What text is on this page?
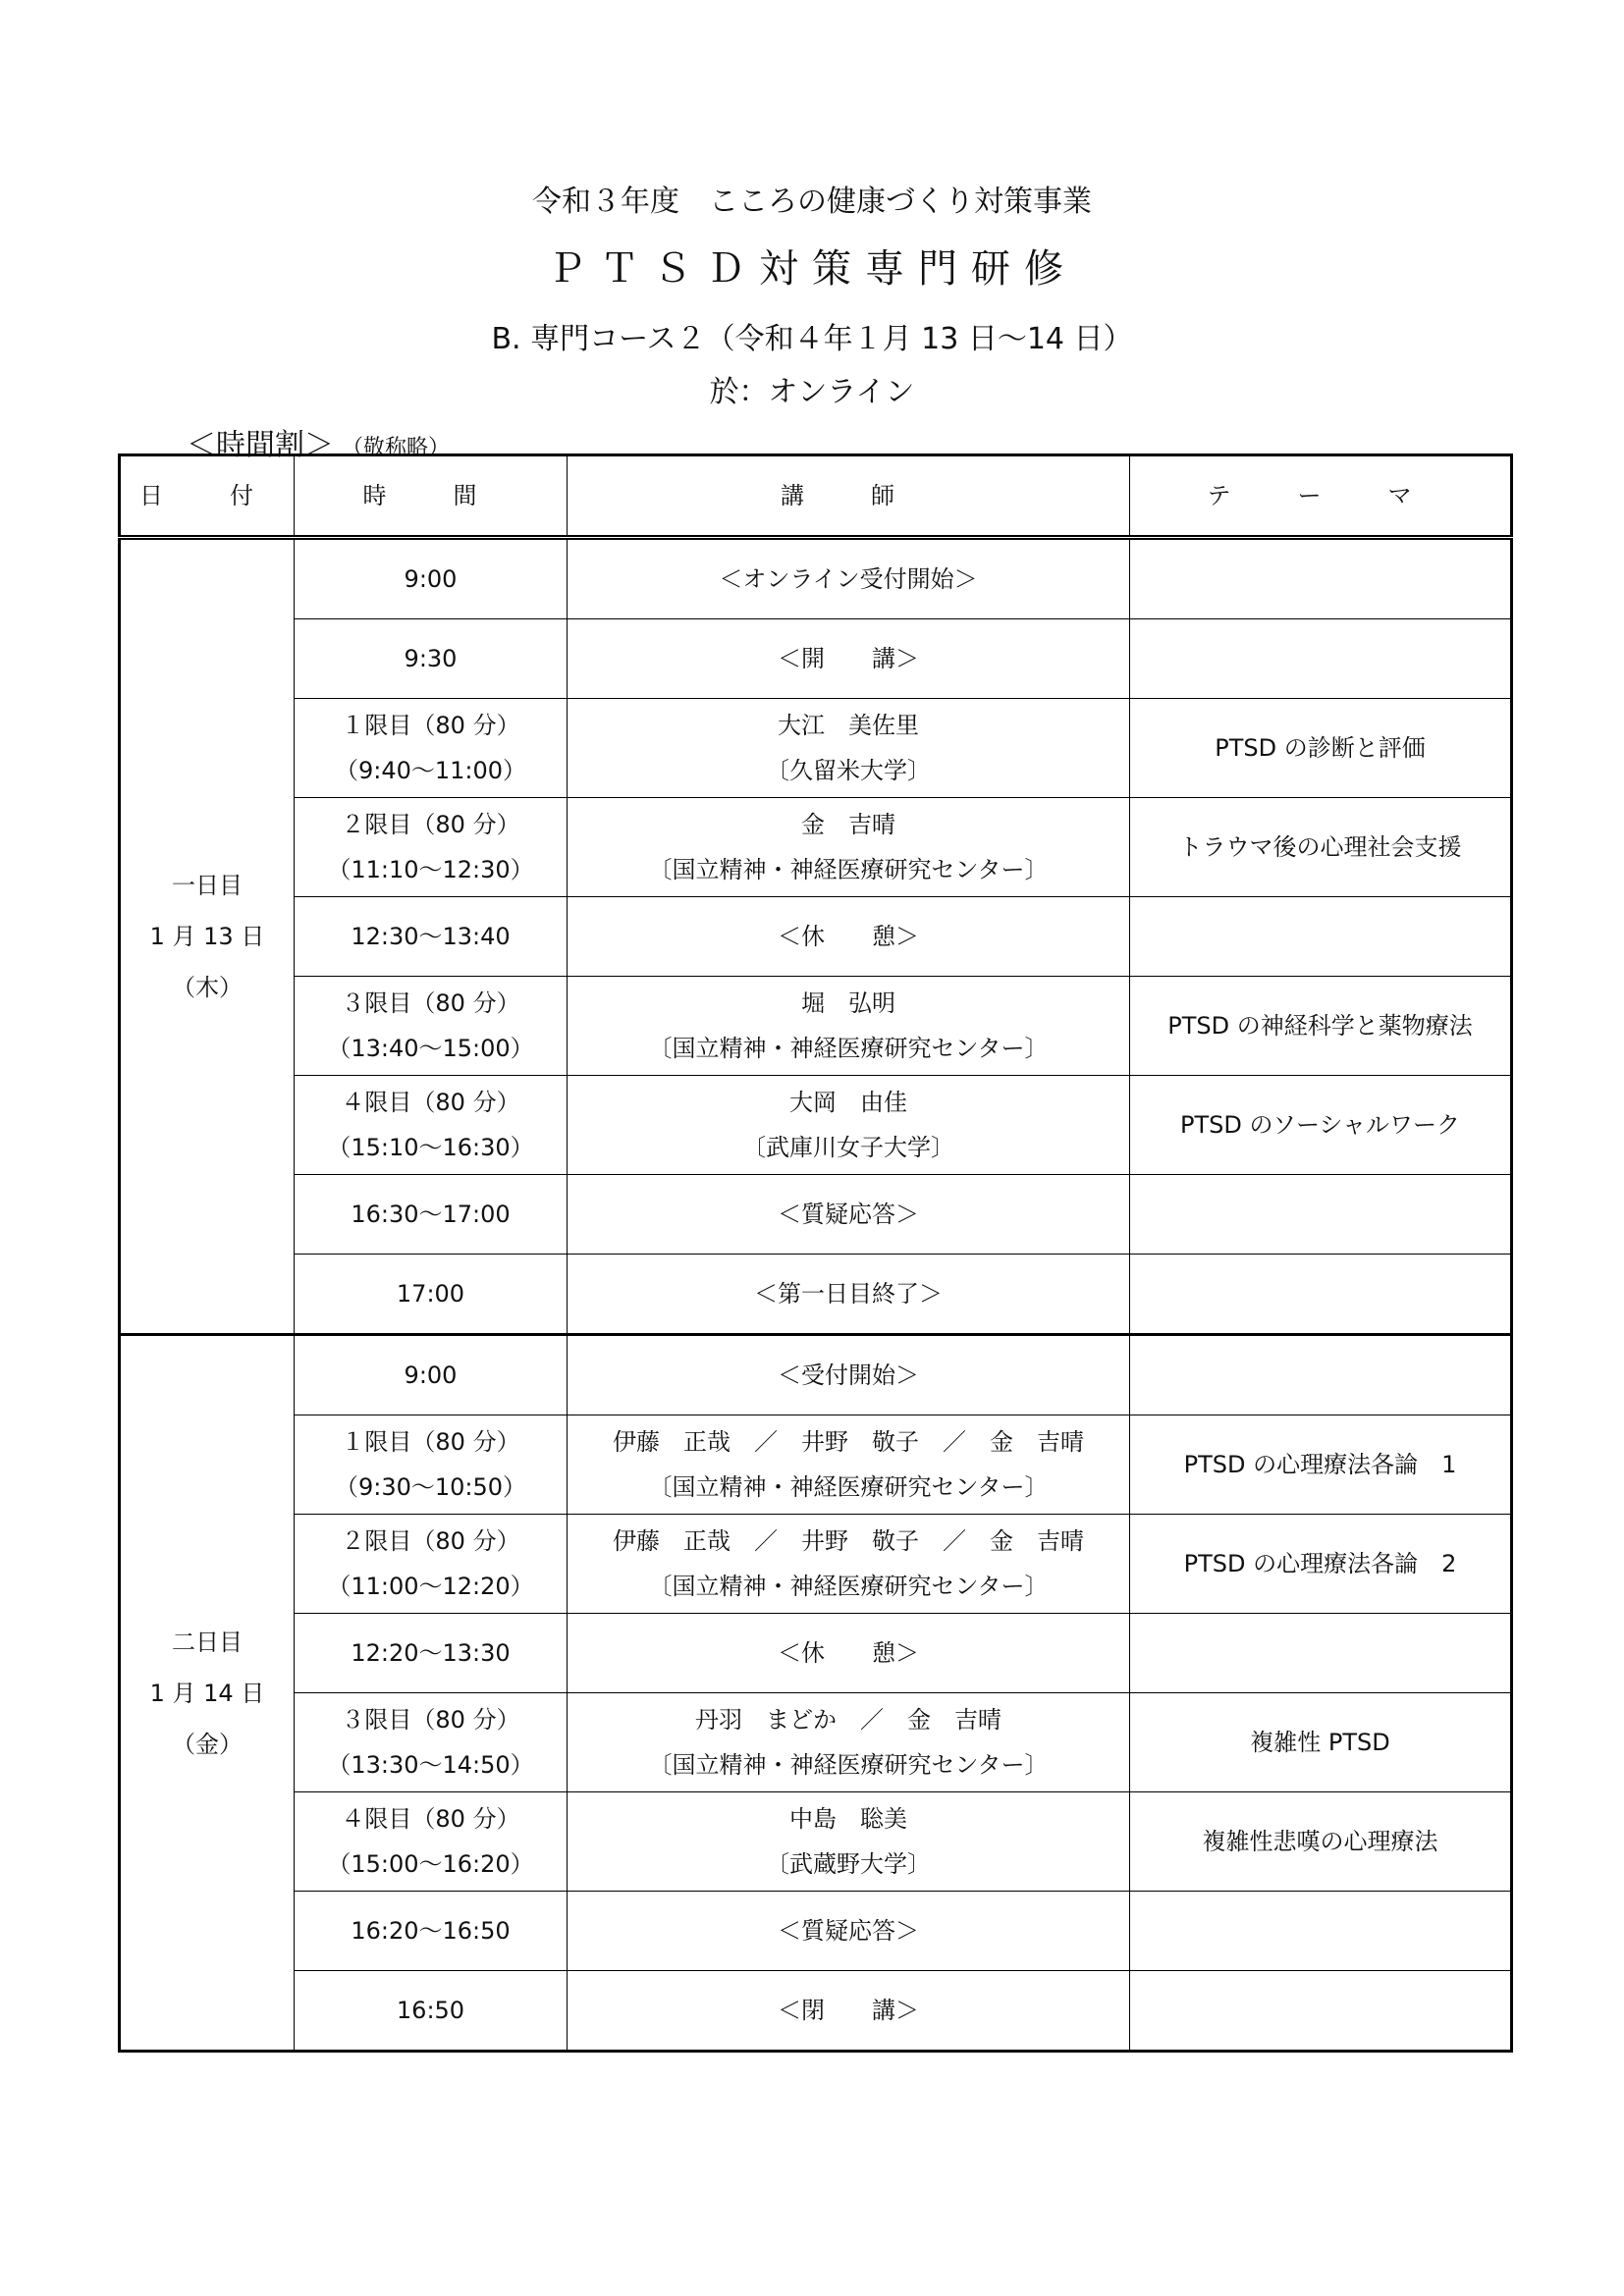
令和３年度　こころの健康づくり対策事業
ＰＴＳＤ対策専門研修
B. 専門コース２（令和４年１月 13 日～14 日）
於：オンライン
＜時間割＞ （敬称略）
日　付	時　間	講　師	テ　ー　マ

一日目
1 月 13 日
（木）	9:00	＜オンライン受付開始＞	
	9:30	＜開　　講＞	

	１限目（80 分）
（9:40～11:00）	大江　美佐里
〔久留米大学〕	PTSD の診断と評価

	２限目（80 分）
（11:10～12:30）	金　吉晴
〔国立精神・神経医療研究センター〕	トラウマ後の心理社会支援
	12:30～13:40	＜休　　憩＞	

	３限目（80 分）
（13:40～15:00）	堀　弘明
〔国立精神・神経医療研究センター〕	PTSD の神経科学と薬物療法

	４限目（80 分）
（15:10～16:30）	大岡　由佳
〔武庫川女子大学〕	PTSD のソーシャルワーク
	16:30～17:00	＜質疑応答＞	
	17:00	＜第一日目終了＞	

二日目
1 月 14 日
（金）	9:00	＜受付開始＞	

	１限目（80 分）
（9:30～10:50）	伊藤　正哉　／　井野　敬子　／　金　吉晴
〔国立精神・神経医療研究センター〕	PTSD の心理療法各論　1

	２限目（80 分）
（11:00～12:20）	伊藤　正哉　／　井野　敬子　／　金　吉晴
〔国立精神・神経医療研究センター〕	PTSD の心理療法各論　2
	12:20～13:30	＜休　　憩＞	

	３限目（80 分）
（13:30～14:50）	丹羽　まどか　／　金　吉晴
〔国立精神・神経医療研究センター〕	複雑性 PTSD

	４限目（80 分）
（15:00～16:20）	中島　聡美
〔武蔵野大学〕	複雑性悲嘆の心理療法
	16:20～16:50	＜質疑応答＞	
	16:50	＜閉　　講＞	
